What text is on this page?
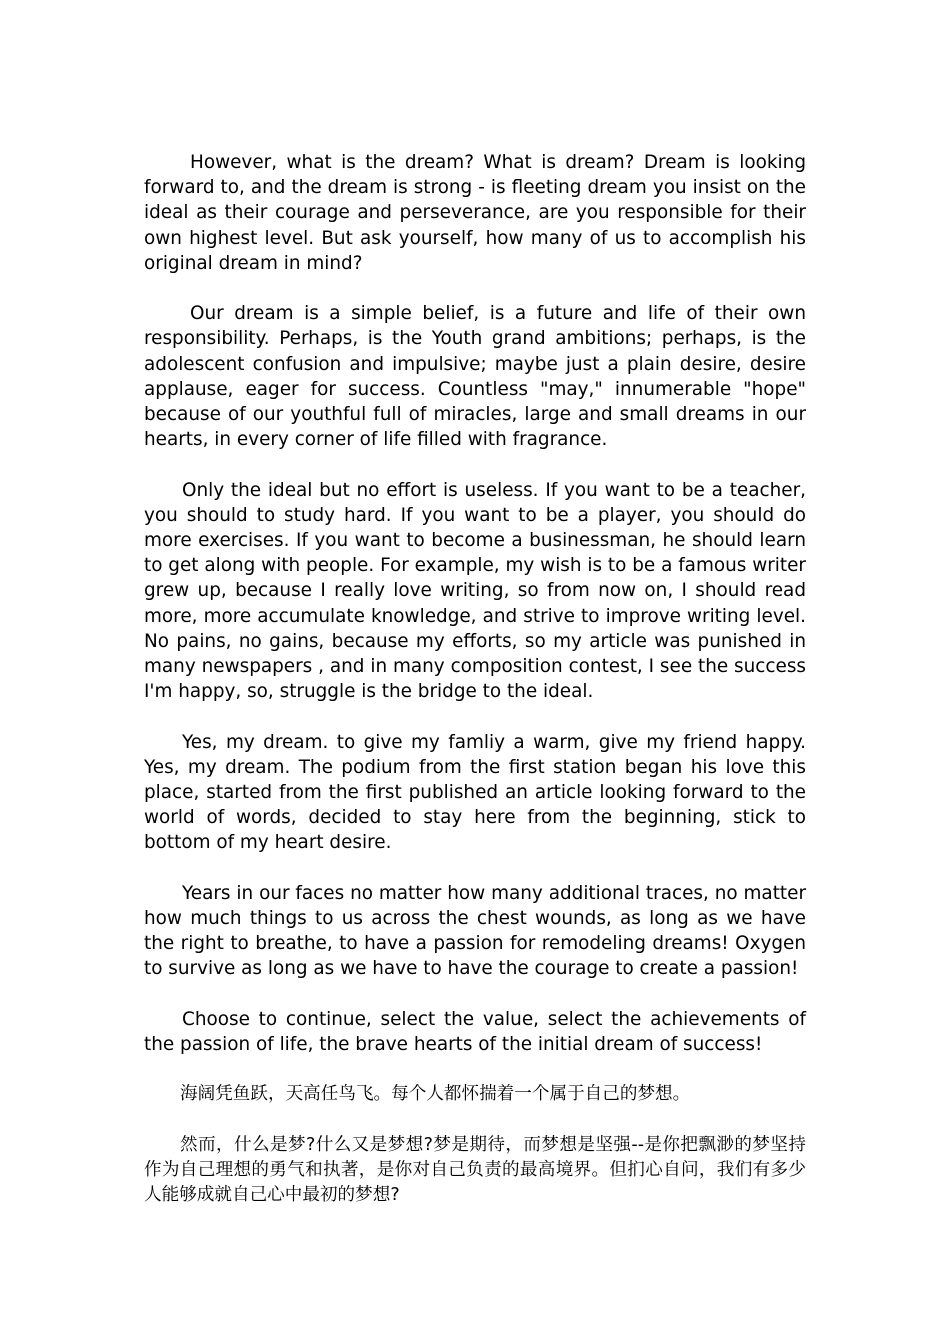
However, what is the dream? What is dream? Dream is looking forward to, and the dream is strong - is fleeting dream you insist on the ideal as their courage and perseverance, are you responsible for their own highest level. But ask yourself, how many of us to accomplish his original dream in mind?

Our dream is a simple belief, is a future and life of their own responsibility. Perhaps, is the Youth grand ambitions; perhaps, is the adolescent confusion and impulsive; maybe just a plain desire, desire applause, eager for success. Countless "may," innumerable "hope" because of our youthful full of miracles, large and small dreams in our hearts, in every corner of life filled with fragrance.

Only the ideal but no effort is useless. If you want to be a teacher, you should to study hard. If you want to be a player, you should do more exercises. If you want to become a businessman, he should learn to get along with people. For example, my wish is to be a famous writer grew up, because I really love writing, so from now on, I should read more, more accumulate knowledge, and strive to improve writing level. No pains, no gains, because my efforts, so my article was punished in many newspapers , and in many composition contest, I see the success I'm happy, so, struggle is the bridge to the ideal.

Yes, my dream. to give my famliy a warm, give my friend happy. Yes, my dream. The podium from the first station began his love this place, started from the first published an article looking forward to the world of words, decided to stay here from the beginning, stick to bottom of my heart desire.

Years in our faces no matter how many additional traces, no matter how much things to us across the chest wounds, as long as we have the right to breathe, to have a passion for remodeling dreams! Oxygen to survive as long as we have to have the courage to create a passion!

Choose to continue, select the value, select the achievements of the passion of life, the brave hearts of the initial dream of success!

海阔凭鱼跃，天高任鸟飞。每个人都怀揣着一个属于自己的梦想。

然而，什么是梦?什么又是梦想?梦是期待，而梦想是坚强--是你把飘渺的梦坚持作为自己理想的勇气和执著，是你对自己负责的最高境界。但扪心自问，我们有多少人能够成就自己心中最初的梦想?
